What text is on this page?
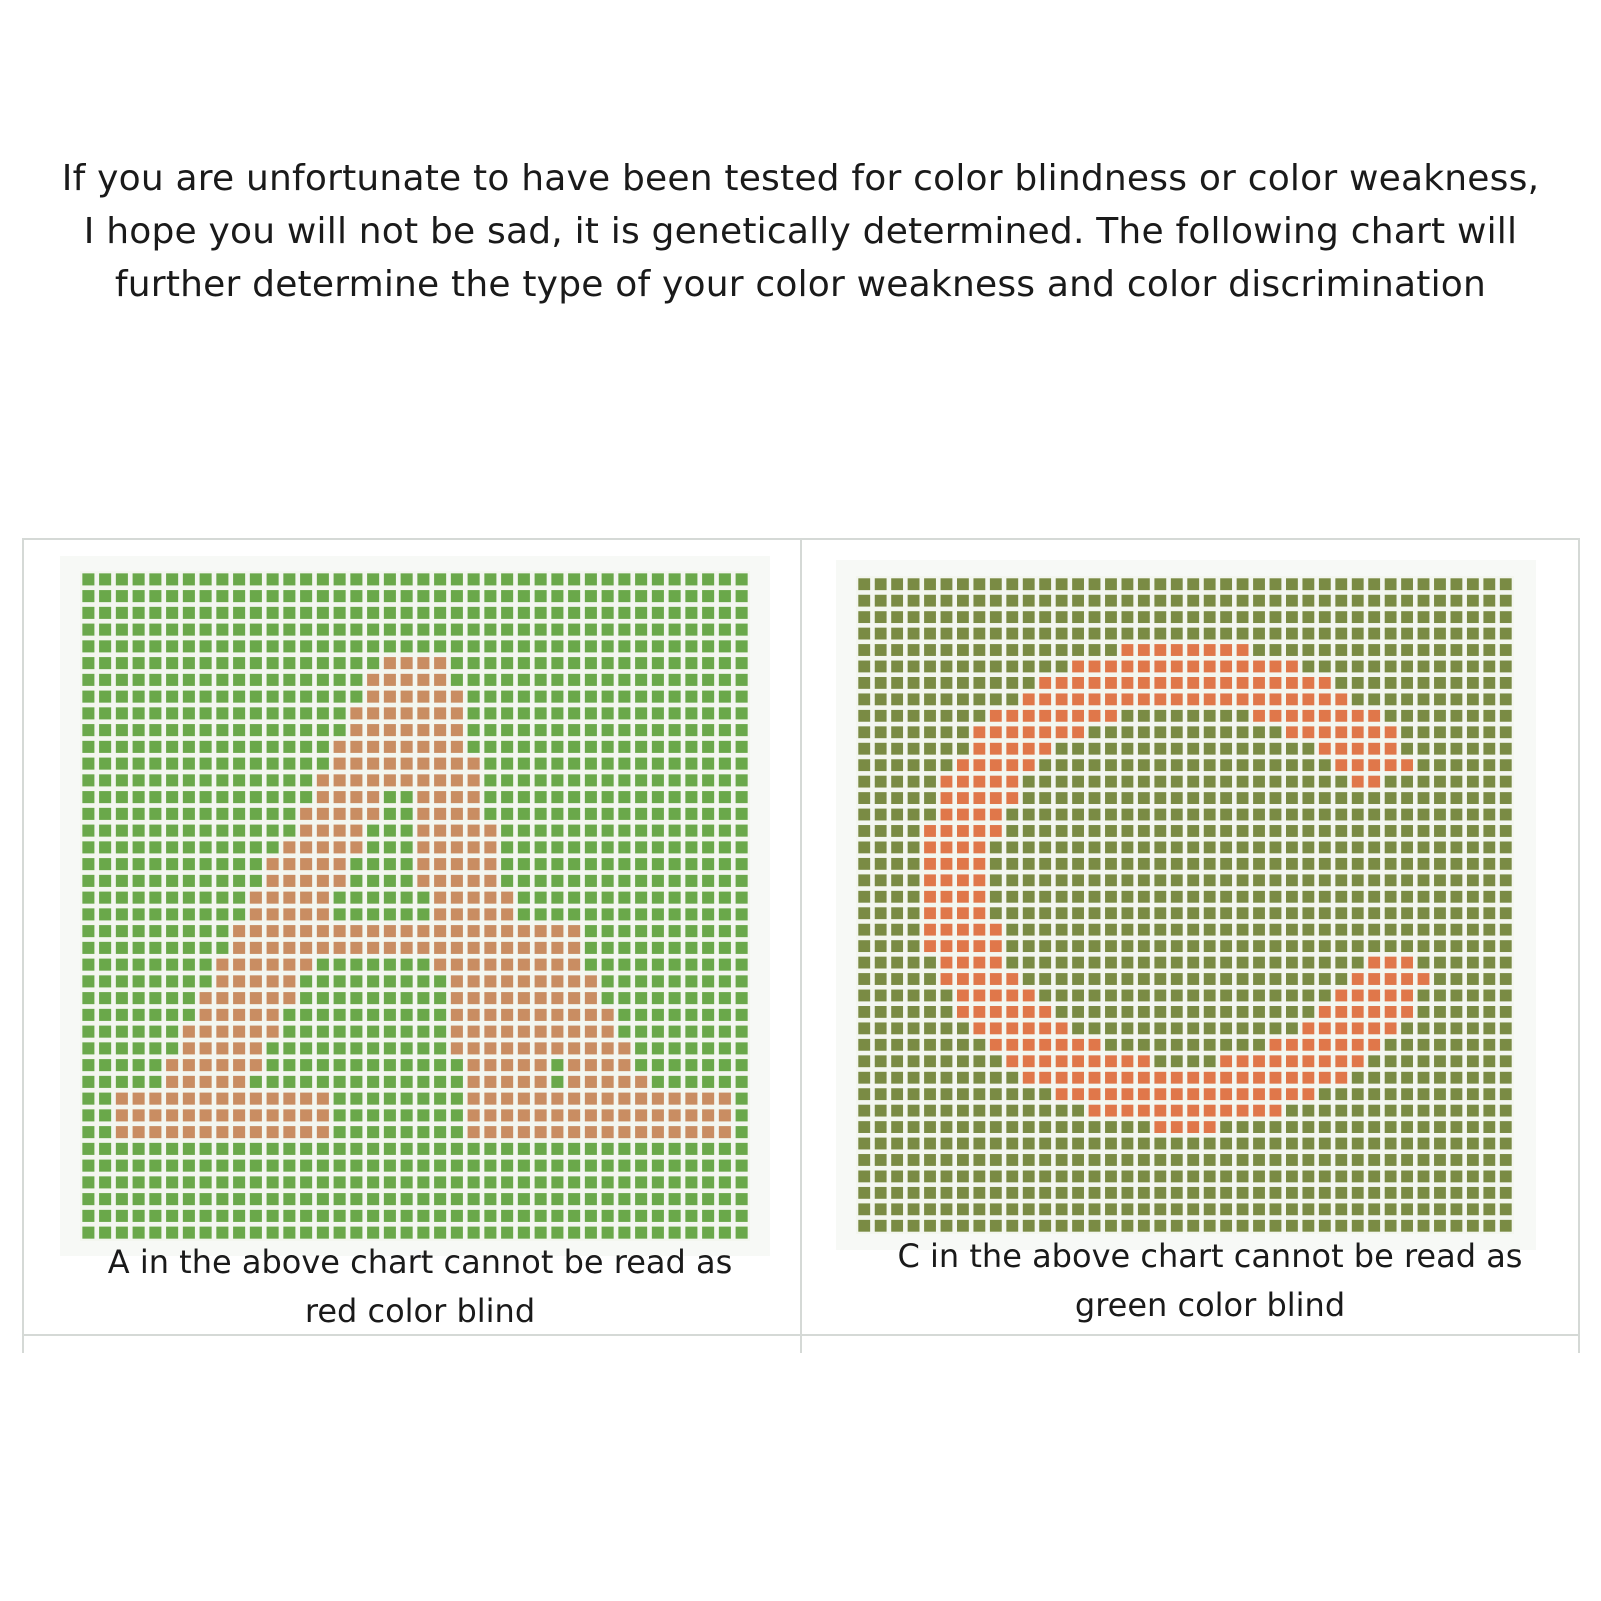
If you are unfortunate to have been tested for color blindness or color weakness,
I hope you will not be sad, it is genetically determined. The following chart will
further determine the type of your color weakness and color discrimination

A in the above chart cannot be read as
red color blind

C in the above chart cannot be read as
green color blind
